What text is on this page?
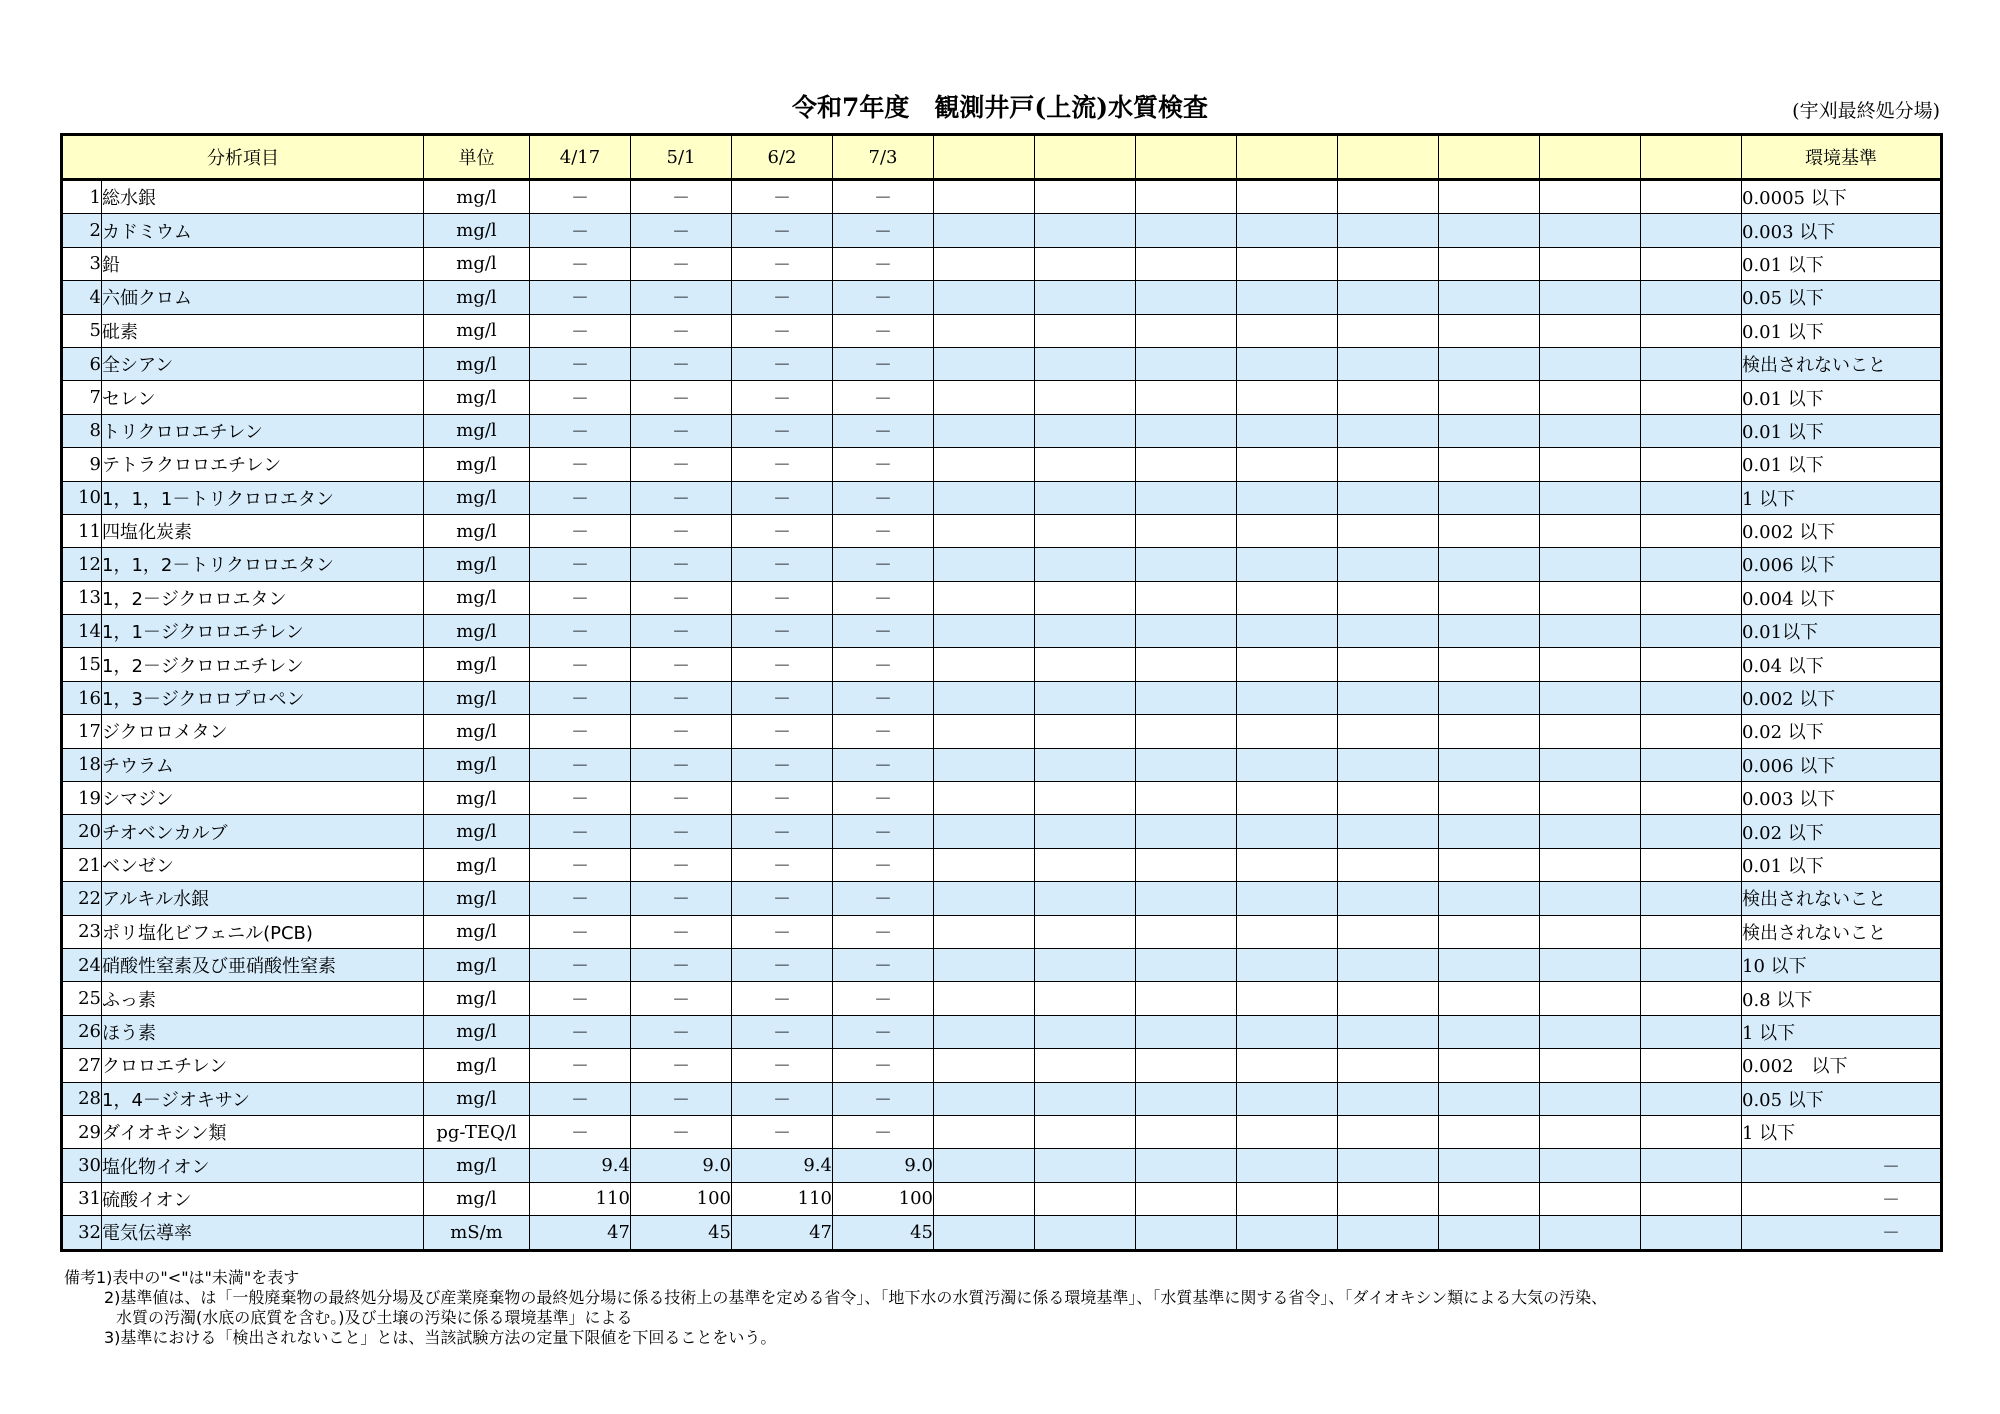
令和7年度　観測井戸(上流)水質検査	(宇刈最終処分場)
分析項目		単位	4/17	5/1	6/2	7/3									環境基準
1	総水銀	mg/l	－	－	－	－									0.0005 以下
2	カドミウム	mg/l	－	－	－	－									0.003 以下
3	鉛	mg/l	－	－	－	－									0.01 以下
4	六価クロム	mg/l	－	－	－	－									0.05 以下
5	砒素	mg/l	－	－	－	－									0.01 以下
6	全シアン	mg/l	－	－	－	－									検出されないこと
7	セレン	mg/l	－	－	－	－									0.01 以下
8	トリクロロエチレン	mg/l	－	－	－	－									0.01 以下
9	テトラクロロエチレン	mg/l	－	－	－	－									0.01 以下
10	1，1，1－トリクロロエタン	mg/l	－	－	－	－									1 以下
11	四塩化炭素	mg/l	－	－	－	－									0.002 以下
12	1，1，2－トリクロロエタン	mg/l	－	－	－	－									0.006 以下
13	1，2－ジクロロエタン	mg/l	－	－	－	－									0.004 以下
14	1，1－ジクロロエチレン	mg/l	－	－	－	－									0.01以下
15	1，2－ジクロロエチレン	mg/l	－	－	－	－									0.04 以下
16	1，3－ジクロロプロペン	mg/l	－	－	－	－									0.002 以下
17	ジクロロメタン	mg/l	－	－	－	－									0.02 以下
18	チウラム	mg/l	－	－	－	－									0.006 以下
19	シマジン	mg/l	－	－	－	－									0.003 以下
20	チオベンカルブ	mg/l	－	－	－	－									0.02 以下
21	ベンゼン	mg/l	－	－	－	－									0.01 以下
22	アルキル水銀	mg/l	－	－	－	－									検出されないこと
23	ポリ塩化ビフェニル(PCB)	mg/l	－	－	－	－									検出されないこと
24	硝酸性窒素及び亜硝酸性窒素	mg/l	－	－	－	－									10 以下
25	ふっ素	mg/l	－	－	－	－									0.8 以下
26	ほう素	mg/l	－	－	－	－									1 以下
27	クロロエチレン	mg/l	－	－	－	－									0.002　以下
28	1，4－ジオキサン	mg/l	－	－	－	－									0.05 以下
29	ダイオキシン類	pg-TEQ/l	－	－	－	－									1 以下
30	塩化物イオン	mg/l	9.4	9.0	9.4	9.0									－
31	硫酸イオン	mg/l	110	100	110	100									－
32	電気伝導率	mS/m	47	45	47	45									－
備考1)表中の"<"は"未満"を表す
2)基準値は、は「一般廃棄物の最終処分場及び産業廃棄物の最終処分場に係る技術上の基準を定める省令」、「地下水の水質汚濁に係る環境基準」、「水質基準に関する省令」、「ダイオキシン類による大気の汚染、
水質の汚濁(水底の底質を含む。)及び土壌の汚染に係る環境基準」による
3)基準における「検出されないこと」とは、当該試験方法の定量下限値を下回ることをいう。
